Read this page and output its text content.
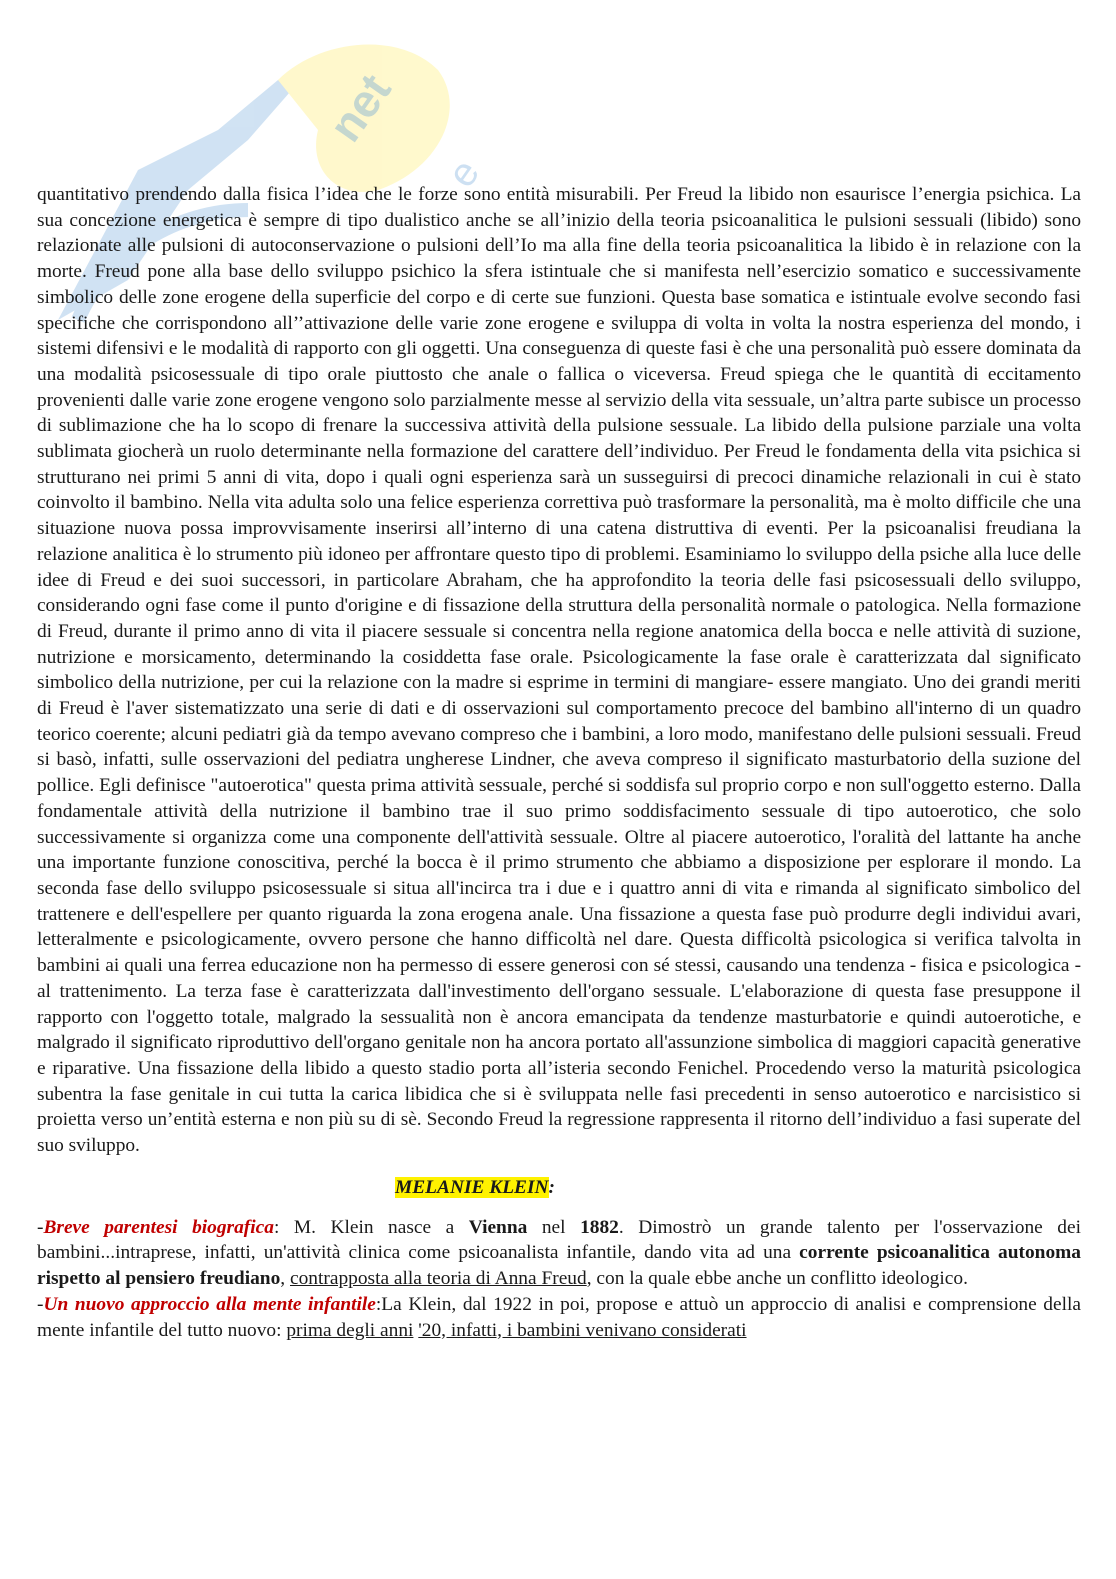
net
e

quantitativo prendendo dalla fisica l’idea che le forze sono entità misurabili. Per Freud la libido non esaurisce l’energia psichica. La sua concezione energetica è sempre di tipo dualistico anche se all’inizio della teoria psicoanalitica le pulsioni sessuali (libido) sono relazionate alle pulsioni di autoconservazione o pulsioni dell’Io ma alla fine della teoria psicoanalitica la libido è in relazione con la morte. Freud pone alla base dello sviluppo psichico la sfera istintuale che si manifesta nell’esercizio somatico e successivamente simbolico delle zone erogene della superficie del corpo e di certe sue funzioni. Questa base somatica e istintuale evolve secondo fasi specifiche che corrispondono all’’attivazione delle varie zone erogene e sviluppa di volta in volta la nostra esperienza del mondo, i sistemi difensivi e le modalità di rapporto con gli oggetti. Una conseguenza di queste fasi è che una personalità può essere dominata da una modalità psicosessuale di tipo orale piuttosto che anale o fallica o viceversa. Freud spiega che le quantità di eccitamento provenienti dalle varie zone erogene vengono solo parzialmente messe al servizio della vita sessuale, un’altra parte subisce un processo di sublimazione che ha lo scopo di frenare la successiva attività della pulsione sessuale. La libido della pulsione parziale una volta sublimata giocherà un ruolo determinante nella formazione del carattere dell’individuo. Per Freud le fondamenta della vita psichica si strutturano nei primi 5 anni di vita, dopo i quali ogni esperienza sarà un susseguirsi di precoci dinamiche relazionali in cui è stato coinvolto il bambino. Nella vita adulta solo una felice esperienza correttiva può trasformare la personalità, ma è molto difficile che una situazione nuova possa improvvisamente inserirsi all’interno di una catena distruttiva di eventi. Per la psicoanalisi freudiana la relazione analitica è lo strumento più idoneo per affrontare questo tipo di problemi. Esaminiamo lo sviluppo della psiche alla luce delle idee di Freud e dei suoi successori, in particolare Abraham, che ha approfondito la teoria delle fasi psicosessuali dello sviluppo, considerando ogni fase come il punto d'origine e di fissazione della struttura della personalità normale o patologica. Nella formazione di Freud, durante il primo anno di vita il piacere sessuale si concentra nella regione anatomica della bocca e nelle attività di suzione, nutrizione e morsicamento, determinando la cosiddetta fase orale. Psicologicamente la fase orale è caratterizzata dal significato simbolico della nutrizione, per cui la relazione con la madre si esprime in termini di mangiare- essere mangiato. Uno dei grandi meriti di Freud è l'aver sistematizzato una serie di dati e di osservazioni sul comportamento precoce del bambino all'interno di un quadro teorico coerente; alcuni pediatri già da tempo avevano compreso che i bambini, a loro modo, manifestano delle pulsioni sessuali. Freud si basò, infatti, sulle osservazioni del pediatra ungherese Lindner, che aveva compreso il significato masturbatorio della suzione del pollice. Egli definisce "autoerotica" questa prima attività sessuale, perché si soddisfa sul proprio corpo e non sull'oggetto esterno. Dalla fondamentale attività della nutrizione il bambino trae il suo primo soddisfacimento sessuale di tipo autoerotico, che solo successivamente si organizza come una componente dell'attività sessuale. Oltre al piacere autoerotico, l'oralità del lattante ha anche una importante funzione conoscitiva, perché la bocca è il primo strumento che abbiamo a disposizione per esplorare il mondo. La seconda fase dello sviluppo psicosessuale si situa all'incirca tra i due e i quattro anni di vita e rimanda al significato simbolico del trattenere e dell'espellere per quanto riguarda la zona erogena anale. Una fissazione a questa fase può produrre degli individui avari, letteralmente e psicologicamente, ovvero persone che hanno difficoltà nel dare. Questa difficoltà psicologica si verifica talvolta in bambini ai quali una ferrea educazione non ha permesso di essere generosi con sé stessi, causando una tendenza - fisica e psicologica - al trattenimento. La terza fase è caratterizzata dall'investimento dell'organo sessuale. L'elaborazione di questa fase presuppone il rapporto con l'oggetto totale, malgrado la sessualità non è ancora emancipata da tendenze masturbatorie e quindi autoerotiche, e malgrado il significato riproduttivo dell'organo genitale non ha ancora portato all'assunzione simbolica di maggiori capacità generative e riparative. Una fissazione della libido a questo stadio porta all’isteria secondo Fenichel. Procedendo verso la maturità psicologica subentra la fase genitale in cui tutta la carica libidica che si è sviluppata nelle fasi precedenti in senso autoerotico e narcisistico si proietta verso un’entità esterna e non più su di sè. Secondo Freud la regressione rappresenta il ritorno dell’individuo a fasi superate del suo sviluppo.

MELANIE KLEIN:

-Breve parentesi biografica: M. Klein nasce a Vienna nel 1882. Dimostrò un grande talento per l'osservazione dei bambini...intraprese, infatti, un'attività clinica come psicoanalista infantile, dando vita ad una corrente psicoanalitica autonoma rispetto al pensiero freudiano, contrapposta alla teoria di Anna Freud, con la quale ebbe anche un conflitto ideologico.

-Un nuovo approccio alla mente infantile:La Klein, dal 1922 in poi, propose e attuò un approccio di analisi e comprensione della mente infantile del tutto nuovo: prima degli anni '20, infatti, i bambini venivano considerati
